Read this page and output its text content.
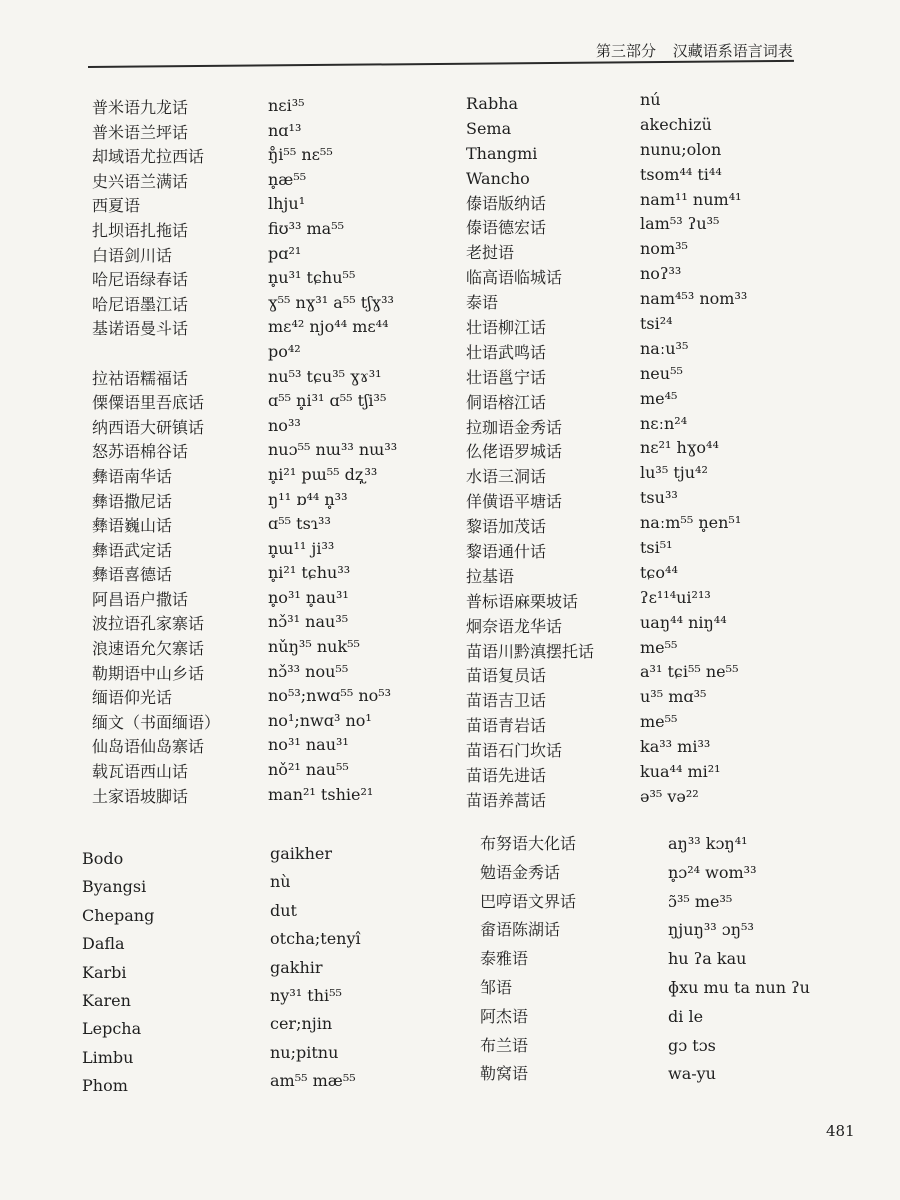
第三部分 汉藏语系语言词表
普米语九龙话
普米语兰坪话
却域语尤拉西话
史兴语兰满话
西夏语
扎坝语扎拖话
白语剑川话
哈尼语绿春话
哈尼语墨江话
基诺语曼斗话
拉祜语糯福话
傈僳语里吾底话
纳西语大研镇话
怒苏语棉谷话
彝语南华话
彝语撒尼话
彝语巍山话
彝语武定话
彝语喜德话
阿昌语户撒话
波拉语孔家寨话
浪速语允欠寨话
勒期语中山乡话
缅语仰光话
缅文（书面缅语）
仙岛语仙岛寨话
载瓦语西山话
土家语坡脚话
nɛi³⁵
nɑ¹³
ŋ̊i⁵⁵ nɛ⁵⁵
n̥æ⁵⁵
lhju¹
fiʊ³³ ma⁵⁵
pɑ²¹
n̥u³¹ tɕhu⁵⁵
ɣ⁵⁵ nɣ³¹ a⁵⁵ tʃɣ³³
mɛ⁴² njo⁴⁴ mɛ⁴⁴
po⁴²
nu⁵³ tɕu³⁵ ɣɤ³¹
ɑ⁵⁵ n̥i³¹ ɑ⁵⁵ tʃi³⁵
no³³
nuɔ⁵⁵ nɯ³³ nɯ³³
n̥i²¹ pɯ⁵⁵ dʐ̩³³
ŋ¹¹ ɒ⁴⁴ n̥³³
ɑ⁵⁵ tsɿ³³
n̥ɯ¹¹ ji³³
n̥i²¹ tɕhu³³
n̥o³¹ n̥au³¹
nɔ̌³¹ nau³⁵
nǔŋ³⁵ nuk⁵⁵
nɔ̌³³ nou⁵⁵
no⁵³;nwɑ⁵⁵ no⁵³
no¹;nwɑ³ no¹
no³¹ nau³¹
nǒ²¹ nau⁵⁵
man²¹ tshie²¹
Rabha
Sema
Thangmi
Wancho
傣语版纳话
傣语德宏话
老挝语
临高语临城话
泰语
壮语柳江话
壮语武鸣话
壮语邕宁话
侗语榕江话
拉珈语金秀话
仫佬语罗城话
水语三洞话
佯僙语平塘话
黎语加茂话
黎语通什话
拉基语
普标语麻栗坡话
炯奈语龙华话
苗语川黔滇摆托话
苗语复员话
苗语吉卫话
苗语青岩话
苗语石门坎话
苗语先进话
苗语养蒿话
nú
akechizü
nunu;olon
tsom⁴⁴ ti⁴⁴
nam¹¹ num⁴¹
lam⁵³ ʔu³⁵
nom³⁵
noʔ³³
nam⁴⁵³ nom³³
tsi²⁴
naːu³⁵
neu⁵⁵
me⁴⁵
nɛːn²⁴
nɛ²¹ hɣo⁴⁴
lu³⁵ tju⁴²
tsu³³
naːm⁵⁵ n̥en⁵¹
tsi⁵¹
tɕo⁴⁴
ʔɛ¹¹⁴ui²¹³
uaŋ⁴⁴ niŋ⁴⁴
me⁵⁵
a³¹ tɕi⁵⁵ ne⁵⁵
u³⁵ mɑ³⁵
me⁵⁵
ka³³ mi³³
kua⁴⁴ mi²¹
ə³⁵ və²²
Bodo
Byangsi
Chepang
Dafla
Karbi
Karen
Lepcha
Limbu
Phom
gaikher
nù
dut
otcha;tenyî
gakhir
ny³¹ thi⁵⁵
cer;njin
nu;pitnu
am⁵⁵ mæ⁵⁵
布努语大化话
勉语金秀话
巴哼语文界话
畲语陈湖话
泰雅语
邹语
阿杰语
布兰语
勒窝语
aŋ³³ kɔŋ⁴¹
n̥ɔ²⁴ wom³³
ɔ̃³⁵ me³⁵
ŋjuŋ³³ ɔŋ⁵³
hu ʔa kau
ɸxu mu ta nun ʔu
di le
gɔ tɔs
wa-yu
481
